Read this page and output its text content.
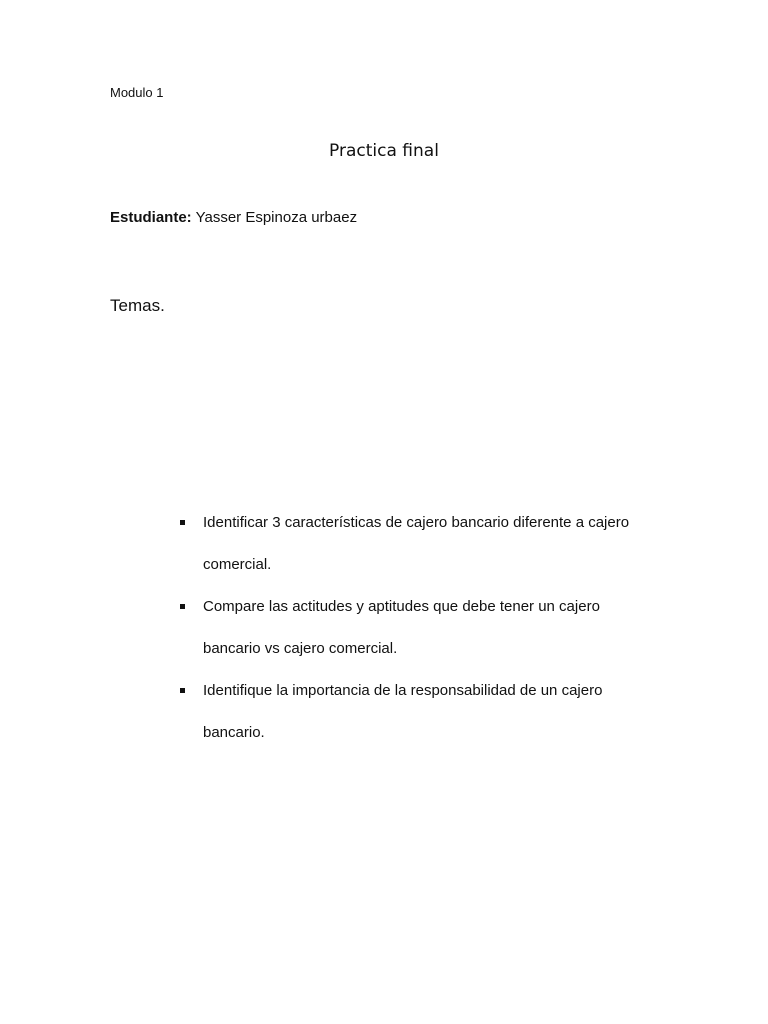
Modulo 1
Practica final
Estudiante: Yasser Espinoza urbaez
Temas.
Identificar 3 características de cajero bancario diferente a cajero comercial.
Compare las actitudes y aptitudes que debe tener un cajero bancario vs cajero comercial.
Identifique la importancia de la responsabilidad de un cajero bancario.
